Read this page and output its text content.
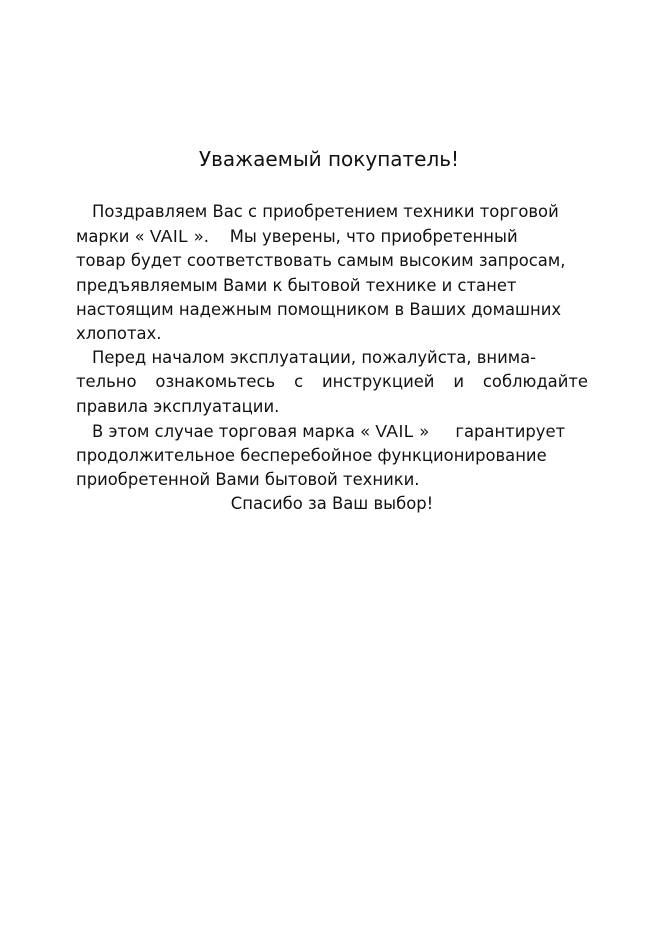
Уважаемый покупатель!

Поздравляем Вас с приобретением техники торговой

марки « VAIL ».    Мы уверены, что приобретенный

товар будет соответствовать самым высоким запросам,

предъявляемым Вами к бытовой технике и станет

настоящим надежным помощником в Ваших домашних

хлопотах.

Перед началом эксплуатации, пожалуйста, внима-

тельно ознакомьтесь с инструкцией и соблюдайте

правила эксплуатации.

В этом случае торговая марка « VAIL »     гарантирует

продолжительное бесперебойное функционирование

приобретенной Вами бытовой техники.

Спасибо за Ваш выбор!
